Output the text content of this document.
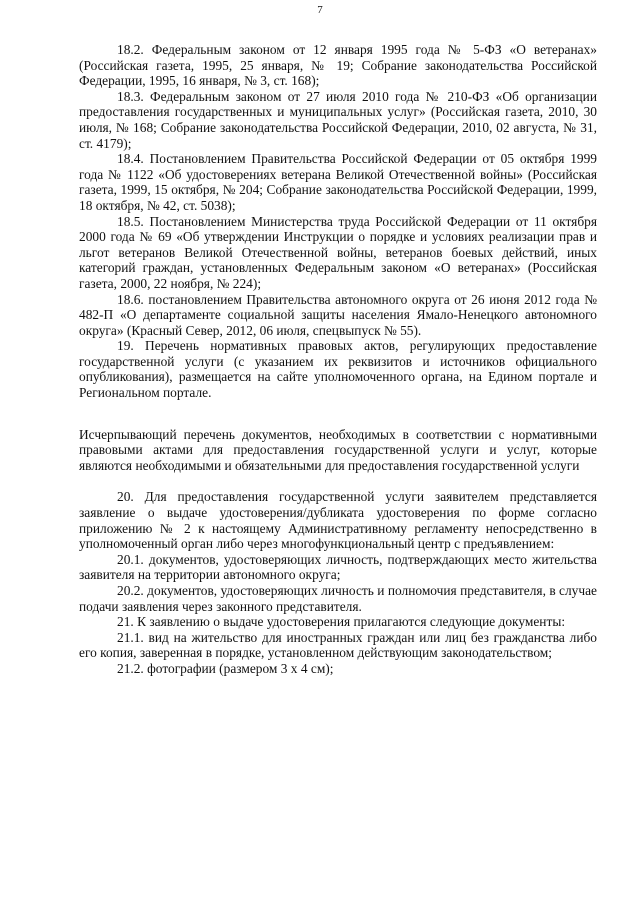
7

18.2. Федеральным законом от 12 января 1995 года № 5-ФЗ «О ветеранах» (Российская газета, 1995, 25 января, № 19; Собрание законодательства Российской Федерации, 1995, 16 января, № 3, ст. 168);

18.3. Федеральным законом от 27 июля 2010 года № 210-ФЗ «Об организации предоставления государственных и муниципальных услуг» (Российская газета, 2010, 30 июля, № 168; Собрание законодательства Российской Федерации, 2010, 02 августа, № 31, ст. 4179);

18.4. Постановлением Правительства Российской Федерации от 05 октября 1999 года № 1122 «Об удостоверениях ветерана Великой Отечественной войны» (Российская газета, 1999, 15 октября, № 204; Собрание законодательства Российской Федерации, 1999, 18 октября, № 42, ст. 5038);

18.5. Постановлением Министерства труда Российской Федерации от 11 октября 2000 года № 69 «Об утверждении Инструкции о порядке и условиях реализации прав и льгот ветеранов Великой Отечественной войны, ветеранов боевых действий, иных категорий граждан, установленных Федеральным законом «О ветеранах» (Российская газета, 2000, 22 ноября, № 224);

18.6. постановлением Правительства автономного округа от 26 июня 2012 года № 482-П «О департаменте социальной защиты населения Ямало-Ненецкого автономного округа» (Красный Север, 2012, 06 июля, спецвыпуск № 55).

19. Перечень нормативных правовых актов, регулирующих предоставление государственной услуги (с указанием их реквизитов и источников официального опубликования), размещается на сайте уполномоченного органа, на Едином портале и Региональном портале.

Исчерпывающий перечень документов, необходимых в соответствии с нормативными правовыми актами для предоставления государственной услуги и услуг, которые являются необходимыми и обязательными для предоставления государственной услуги

20. Для предоставления государственной услуги заявителем представляется заявление о выдаче удостоверения/дубликата удостоверения по форме согласно приложению № 2 к настоящему Административному регламенту непосредственно в уполномоченный орган либо через многофункциональный центр с предъявлением:

20.1. документов, удостоверяющих личность, подтверждающих место жительства заявителя на территории автономного округа;

20.2. документов, удостоверяющих личность и полномочия представителя, в случае подачи заявления через законного представителя.

21. К заявлению о выдаче удостоверения прилагаются следующие документы:

21.1. вид на жительство для иностранных граждан или лиц без гражданства либо его копия, заверенная в порядке, установленном действующим законодательством;

21.2. фотографии (размером 3 х 4 см);
